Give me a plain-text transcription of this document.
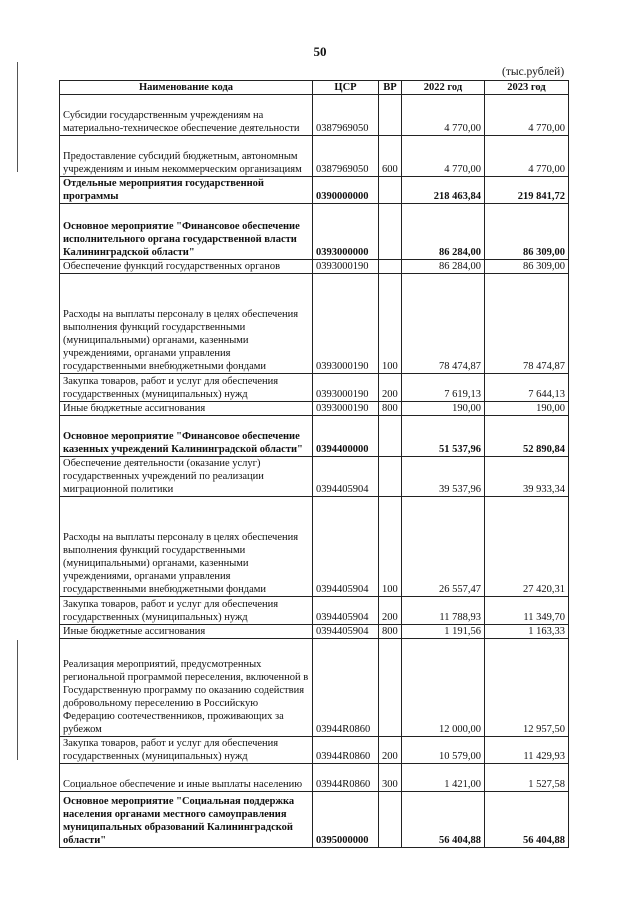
50
(тыс.рублей)
Наименование кода	ЦСР	ВР	2022 год	2023 год
Субсидии государственным учреждениям на материально-техническое обеспечение деятельности	0387969050		4 770,00	4 770,00
Предоставление субсидий бюджетным, автономным учреждениям и иным некоммерческим организациям	0387969050	600	4 770,00	4 770,00
Отдельные мероприятия государственной программы	0390000000		218 463,84	219 841,72
Основное мероприятие "Финансовое обеспечение исполнительного органа государственной власти Калининградской области"	0393000000		86 284,00	86 309,00
Обеспечение функций государственных органов	0393000190		86 284,00	86 309,00
Расходы на выплаты персоналу в целях обеспечения выполнения функций государственными (муниципальными) органами, казенными учреждениями, органами управления государственными внебюджетными фондами	0393000190	100	78 474,87	78 474,87
Закупка товаров, работ и услуг для обеспечения государственных (муниципальных) нужд	0393000190	200	7 619,13	7 644,13
Иные бюджетные ассигнования	0393000190	800	190,00	190,00
Основное мероприятие "Финансовое обеспечение казенных учреждений Калининградской области"	0394400000		51 537,96	52 890,84
Обеспечение деятельности (оказание услуг) государственных учреждений по реализации миграционной политики	0394405904		39 537,96	39 933,34
Расходы на выплаты персоналу в целях обеспечения выполнения функций государственными (муниципальными) органами, казенными учреждениями, органами управления государственными внебюджетными фондами	0394405904	100	26 557,47	27 420,31
Закупка товаров, работ и услуг для обеспечения государственных (муниципальных) нужд	0394405904	200	11 788,93	11 349,70
Иные бюджетные ассигнования	0394405904	800	1 191,56	1 163,33
Реализация мероприятий, предусмотренных региональной программой переселения, включенной в Государственную программу по оказанию содействия добровольному переселению в Российскую Федерацию соотечественников, проживающих за рубежом	03944R0860		12 000,00	12 957,50
Закупка товаров, работ и услуг для обеспечения государственных (муниципальных) нужд	03944R0860	200	10 579,00	11 429,93
Социальное обеспечение и иные выплаты населению	03944R0860	300	1 421,00	1 527,58
Основное мероприятие "Социальная поддержка населения органами местного самоуправления муниципальных образований Калининградской области"	0395000000		56 404,88	56 404,88
